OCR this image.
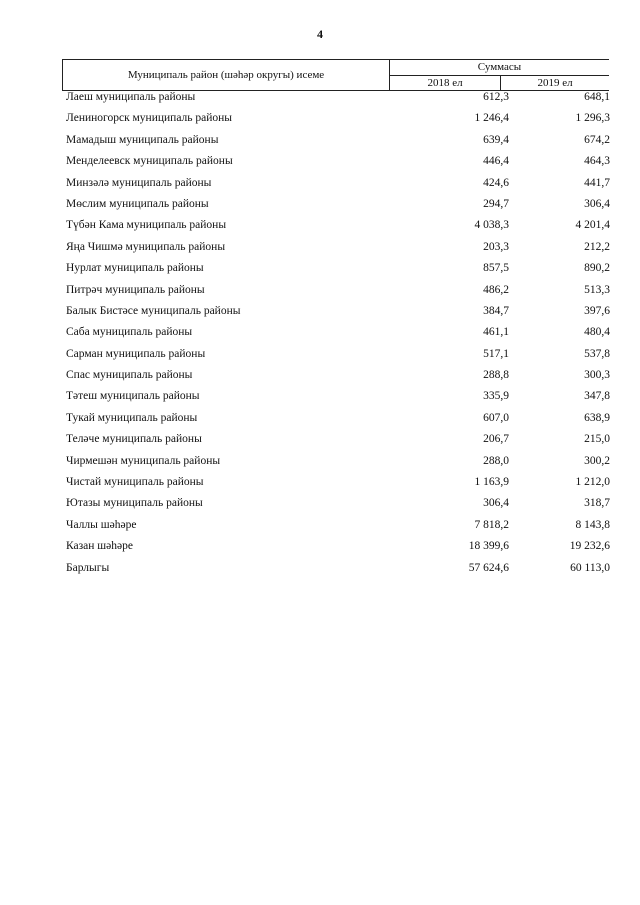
4
Муниципаль район (шәһәр округы) исеме
Суммасы
2018 ел	2019 ел
Лаеш муниципаль районы	612,3	648,1
Лениногорск муниципаль районы	1 246,4	1 296,3
Мамадыш муниципаль районы	639,4	674,2
Менделеевск муниципаль районы	446,4	464,3
Минзәлә муниципаль районы	424,6	441,7
Мөслим муниципаль районы	294,7	306,4
Түбән Кама муниципаль районы	4 038,3	4 201,4
Яңа Чишмә муниципаль районы	203,3	212,2
Нурлат муниципаль районы	857,5	890,2
Питрәч муниципаль районы	486,2	513,3
Балык Бистәсе муниципаль районы	384,7	397,6
Саба муниципаль районы	461,1	480,4
Сарман муниципаль районы	517,1	537,8
Спас муниципаль районы	288,8	300,3
Тәтеш муниципаль районы	335,9	347,8
Тукай муниципаль районы	607,0	638,9
Теләче муниципаль районы	206,7	215,0
Чирмешән муниципаль районы	288,0	300,2
Чистай муниципаль районы	1 163,9	1 212,0
Ютазы муниципаль районы	306,4	318,7
Чаллы шәһәре	7 818,2	8 143,8
Казан шәһәре	18 399,6	19 232,6
Барлыгы	57 624,6	60 113,0
